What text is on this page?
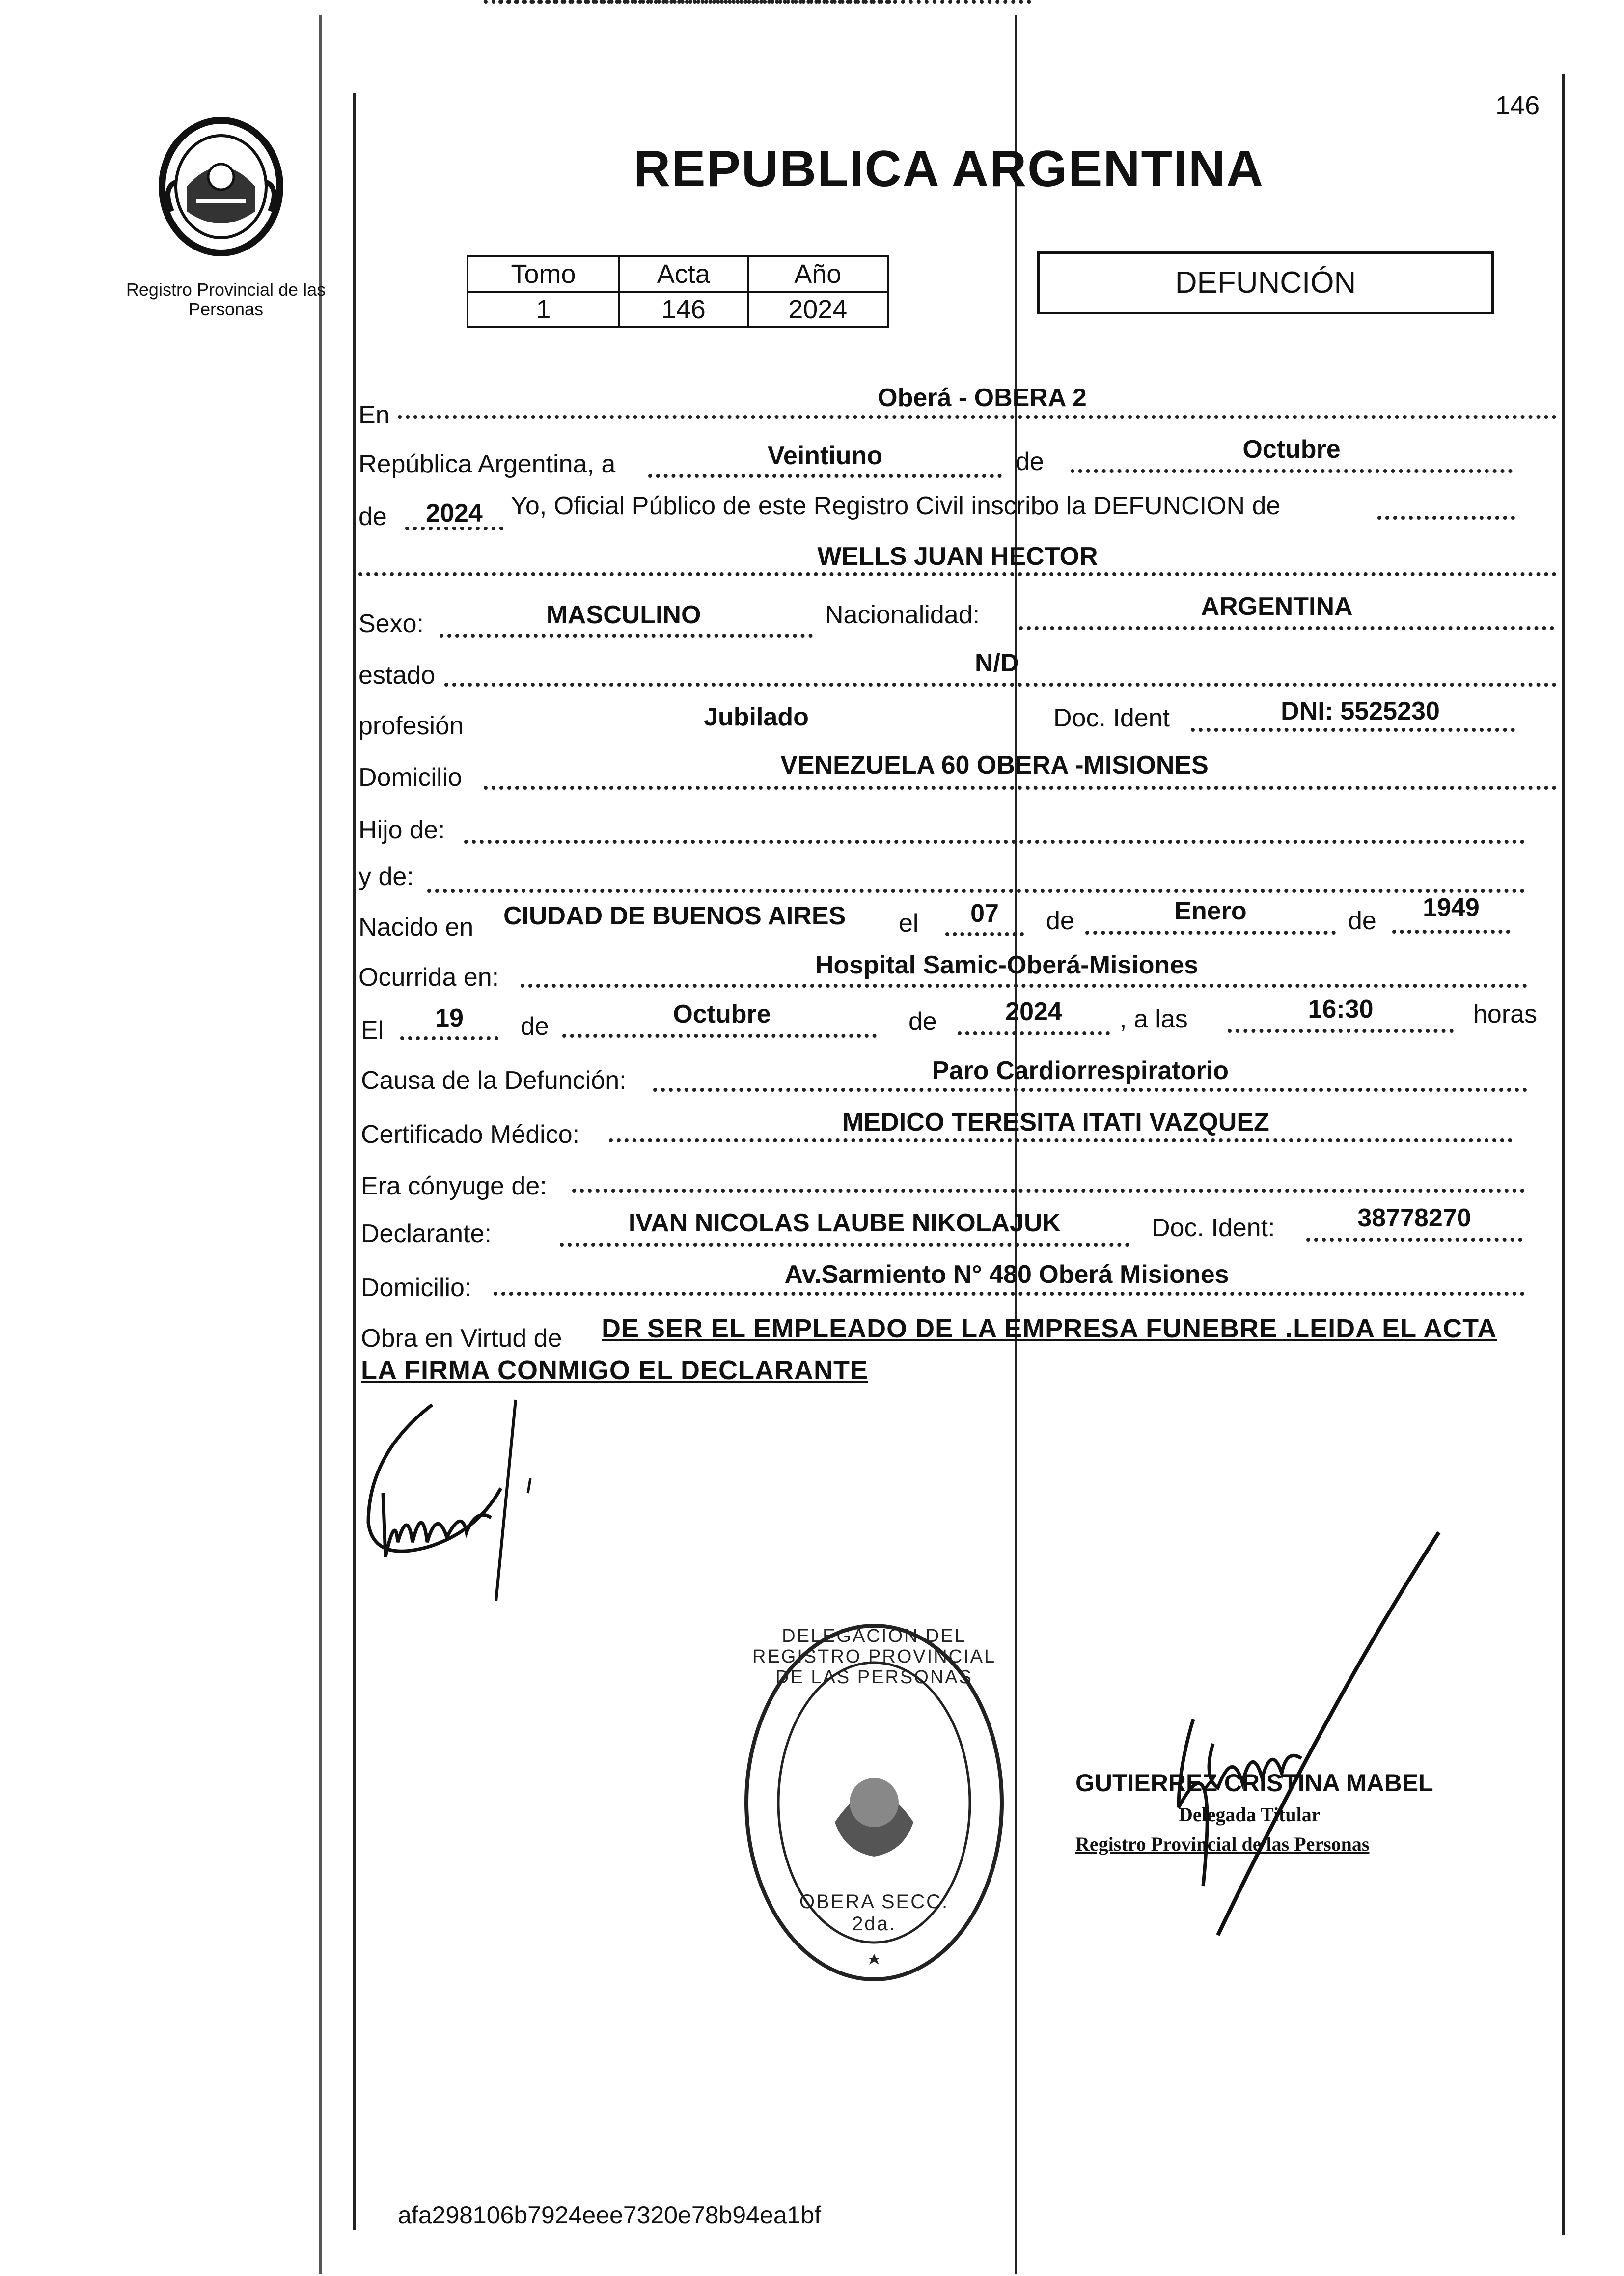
146
Registro Provincial de las Personas
REPUBLICA ARGENTINA
Tomo	Acta	Año
1	146	2024
DEFUNCIÓN
En
Oberá - OBERA 2
República Argentina, a	Veintiuno	de	Octubre
de	2024	Yo, Oficial Público de este Registro Civil inscribo la DEFUNCION de
WELLS JUAN HECTOR
Sexo:	MASCULINO	Nacionalidad:	ARGENTINA
estado	N/D
profesión	Jubilado	Doc. Ident	DNI: 5525230
Domicilio	VENEZUELA 60 OBERA -MISIONES
Hijo de:
y de:
Nacido en CIUDAD DE BUENOS AIRES el	07	de	Enero	de	1949
Ocurrida en:	Hospital Samic-Oberá-Misiones
El	19	de	Octubre	de	2024	, a las	16:30	horas
Causa de la Defunción:	Paro Cardiorrespiratorio
Certificado Médico:	MEDICO TERESITA ITATI VAZQUEZ
Era cónyuge de:
Declarante:	IVAN NICOLAS LAUBE NIKOLAJUK	Doc. Ident:	38778270
Domicilio:	Av.Sarmiento N° 480 Oberá Misiones
Obra en Virtud de DE SER EL EMPLEADO DE LA EMPRESA FUNEBRE .LEIDA EL ACTA
LA FIRMA CONMIGO EL DECLARANTE
DELEGACION DEL REGISTRO PROVINCIAL DE LAS PERSONAS
OBERA SECC. 2da.
GUTIERREZ CRISTINA MABEL
Delegada Titular
Registro Provincial de las Personas
afa298106b7924eee7320e78b94ea1bf
